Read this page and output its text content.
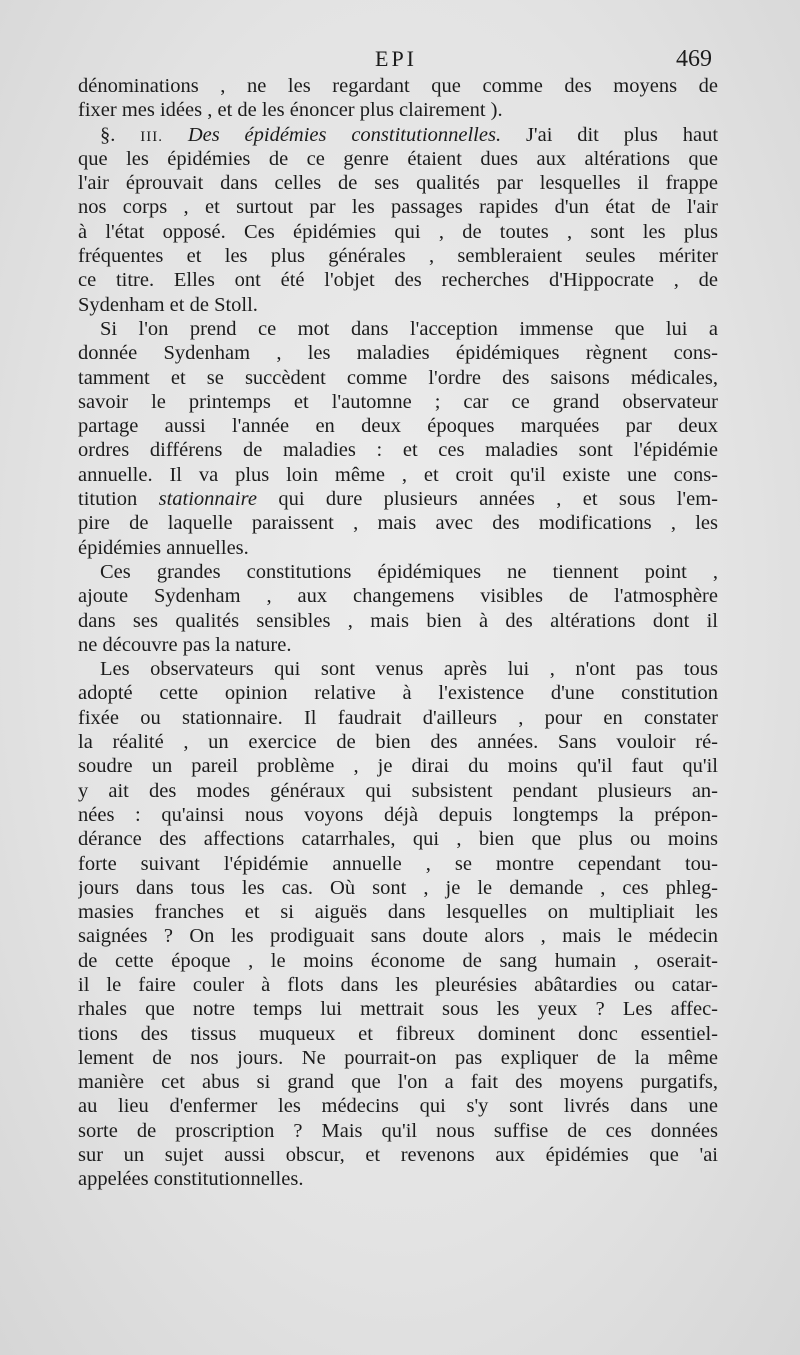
EPI	469
dénominations , ne les regardant que comme des moyens de
fixer mes idées , et de les énoncer plus clairement ).
§. III. Des épidémies constitutionnelles. J'ai dit plus haut
que les épidémies de ce genre étaient dues aux altérations que
l'air éprouvait dans celles de ses qualités par lesquelles il frappe
nos corps , et surtout par les passages rapides d'un état de l'air
à l'état opposé. Ces épidémies qui , de toutes , sont les plus
fréquentes et les plus générales , sembleraient seules mériter
ce titre. Elles ont été l'objet des recherches d'Hippocrate , de
Sydenham et de Stoll.
Si l'on prend ce mot dans l'acception immense que lui a
donnée Sydenham , les maladies épidémiques règnent cons-
tamment et se succèdent comme l'ordre des saisons médicales,
savoir le printemps et l'automne ; car ce grand observateur
partage aussi l'année en deux époques marquées par deux
ordres différens de maladies : et ces maladies sont l'épidémie
annuelle. Il va plus loin même , et croit qu'il existe une cons-
titution stationnaire qui dure plusieurs années , et sous l'em-
pire de laquelle paraissent , mais avec des modifications , les
épidémies annuelles.
Ces grandes constitutions épidémiques ne tiennent point ,
ajoute Sydenham , aux changemens visibles de l'atmosphère
dans ses qualités sensibles , mais bien à des altérations dont il
ne découvre pas la nature.
Les observateurs qui sont venus après lui , n'ont pas tous
adopté cette opinion relative à l'existence d'une constitution
fixée ou stationnaire. Il faudrait d'ailleurs , pour en constater
la réalité , un exercice de bien des années. Sans vouloir ré-
soudre un pareil problème , je dirai du moins qu'il faut qu'il
y ait des modes généraux qui subsistent pendant plusieurs an-
nées : qu'ainsi nous voyons déjà depuis longtemps la prépon-
dérance des affections catarrhales, qui , bien que plus ou moins
forte suivant l'épidémie annuelle , se montre cependant tou-
jours dans tous les cas. Où sont , je le demande , ces phleg-
masies franches et si aiguës dans lesquelles on multipliait les
saignées ? On les prodiguait sans doute alors , mais le médecin
de cette époque , le moins économe de sang humain , oserait-
il le faire couler à flots dans les pleurésies abâtardies ou catar-
rhales que notre temps lui mettrait sous les yeux ? Les affec-
tions des tissus muqueux et fibreux dominent donc essentiel-
lement de nos jours. Ne pourrait-on pas expliquer de la même
manière cet abus si grand que l'on a fait des moyens purgatifs,
au lieu d'enfermer les médecins qui s'y sont livrés dans une
sorte de proscription ? Mais qu'il nous suffise de ces données
sur un sujet aussi obscur, et revenons aux épidémies que 'ai
appelées constitutionnelles.
